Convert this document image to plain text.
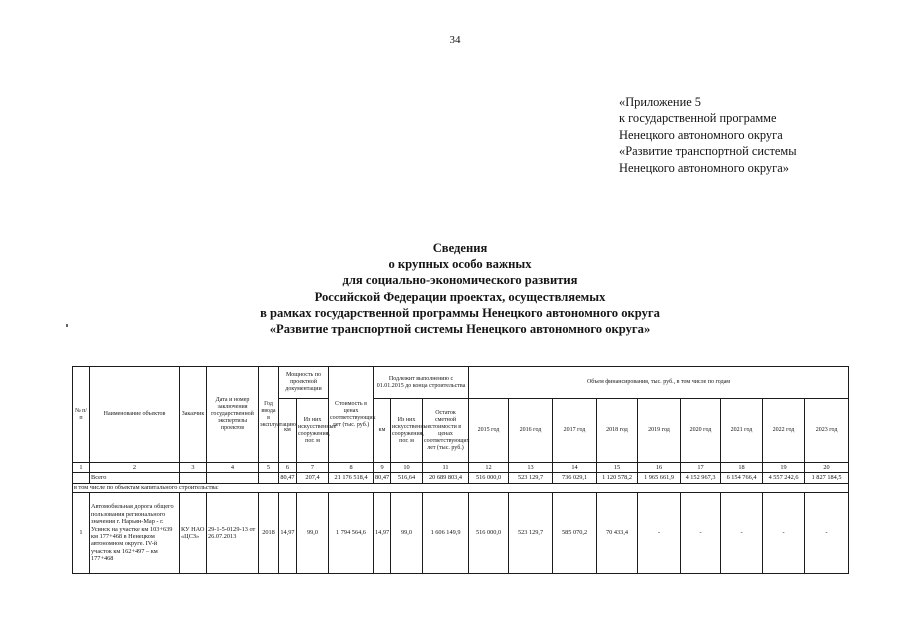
34
«Приложение 5
к государственной программе
Ненецкого автономного округа
«Развитие транспортной системы
Ненецкого автономного округа»
Сведения
о крупных особо важных
для социально-экономического развития
Российской Федерации проектах, осуществляемых
в рамках государственной программы Ненецкого автономного округа
«Развитие транспортной системы Ненецкого автономного округа»
№ п/п	Наименование объектов	Заказчик	Дата и номер заключения государственной экспертизы проектов	Год ввода в эксплуатацию	Мощность по проектной документации		Стоимость в ценах соответствующих лет (тыс. руб.)	Подлежит выполнению с 01.01.2015 до конца строительства			Объем финансирования, тыс. руб., в том числе по годам								
					км	Из них искусственные сооружения, пог. м		км	Из них искусственные сооружения, пог. м	Остаток сметной стоимости в ценах соответствующих лет (тыс. руб.)	2015 год	2016 год	2017 год	2018 год	2019 год	2020 год	2021 год	2022 год	2023 год
1	2	3	4	5	6	7	8	9	10	11	12	13	14	15	16	17	18	19	20
	Всего				80,47	207,4	21 176 518,4	80,47	516,64	20 689 803,4	516 000,0	523 129,7	736 029,1	1 120 578,2	1 965 661,9	4 152 967,3	6 154 766,4	4 557 242,6	1 827 184,5
в том числе по объектам капитального строительства:																			
1	Автомобильная дорога общего пользования регионального значения г. Нарьян-Мар - г. Усинск на участке км 103+639 км 177+468 в Ненецком автономном округе. IV-й участок км 162+497 – км 177+468	КУ НАО «ЦСЗ»	29-1-5-0129-13 от 26.07.2013	2018	14,97	99,0	1 794 564,6	14,97	99,0	1 606 149,9	516 000,0	523 129,7	585 070,2	70 433,4	-	-	-	-	-
